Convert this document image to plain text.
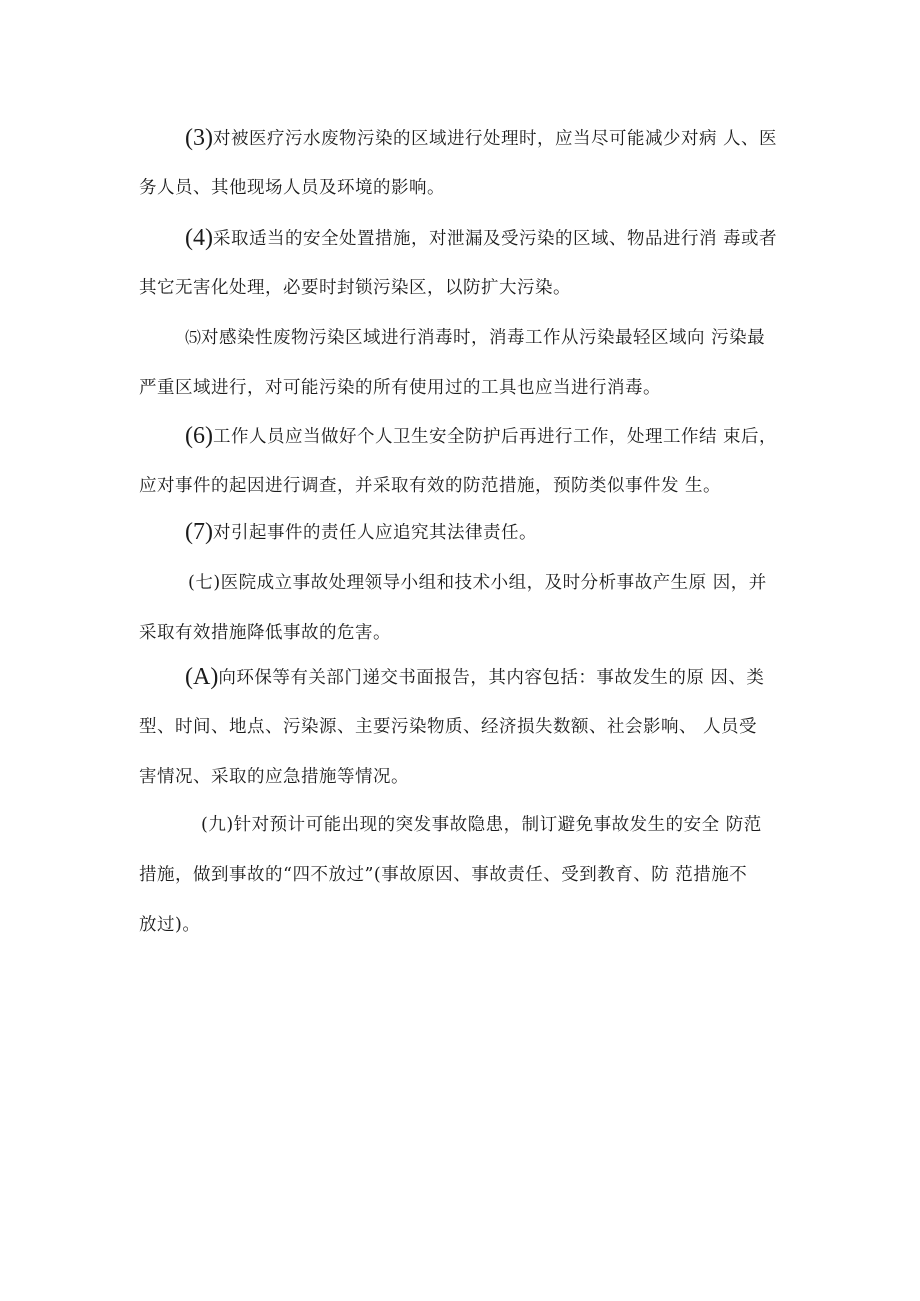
(3)对被医疗污水废物污染的区域进行处理时，应当尽可能减少对病 人、医
务人员、其他现场人员及环境的影响。
(4)采取适当的安全处置措施，对泄漏及受污染的区域、物品进行消 毒或者
其它无害化处理，必要时封锁污染区，以防扩大污染。
⑸对感染性废物污染区域进行消毒时，消毒工作从污染最轻区域向 污染最
严重区域进行，对可能污染的所有使用过的工具也应当进行消毒。
(6)工作人员应当做好个人卫生安全防护后再进行工作，处理工作结 束后，
应对事件的起因进行调查，并采取有效的防范措施，预防类似事件发 生。
(7)对引起事件的责任人应追究其法律责任。
(七)医院成立事故处理领导小组和技术小组，及时分析事故产生原 因，并
采取有效措施降低事故的危害。
(A)向环保等有关部门递交书面报告，其内容包括：事故发生的原 因、类
型、时间、地点、污染源、主要污染物质、经济损失数额、社会影响、 人员受
害情况、采取的应急措施等情况。
(九)针对预计可能出现的突发事故隐患，制订避免事故发生的安全 防范
措施，做到事故的“四不放过”(事故原因、事故责任、受到教育、防 范措施不
放过)。
